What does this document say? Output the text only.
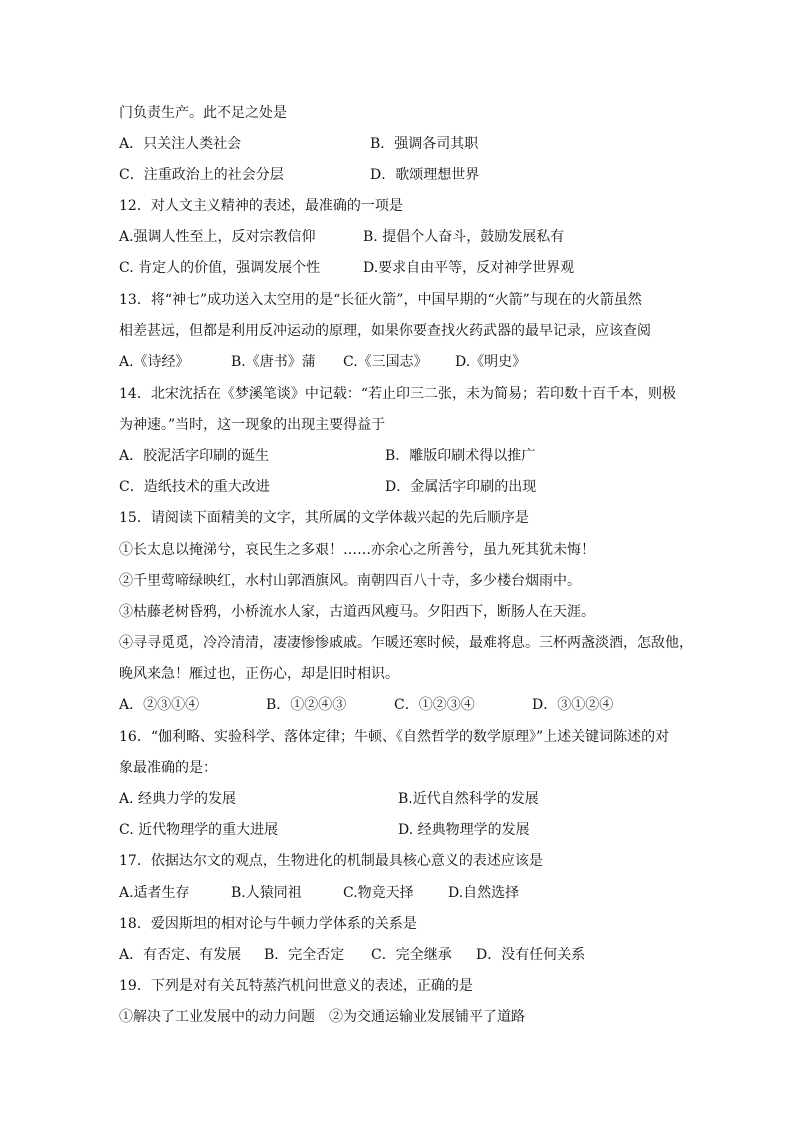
门负责生产。此不足之处是
A．只关注人类社会	B．强调各司其职
C．注重政治上的社会分层	D．歌颂理想世界
12．对人文主义精神的表述，最准确的一项是
A.强调人性至上，反对宗教信仰	B. 提倡个人奋斗，鼓励发展私有
C. 肯定人的价值，强调发展个性	D.要求自由平等，反对神学世界观
13．将“神七”成功送入太空用的是“长征火箭”，中国早期的“火箭”与现在的火箭虽然
相差甚远，但都是利用反冲运动的原理，如果你要查找火药武器的最早记录，应该查阅
A.《诗经》	B.《唐书》蒲 C.《三国志》 D.《明史》
14．北宋沈括在《梦溪笔谈》中记载：“若止印三二张，未为简易；若印数十百千本，则极
为神速。”当时，这一现象的出现主要得益于
A．胶泥活字印刷的诞生	B．雕版印刷术得以推广
C．造纸技术的重大改进	D．金属活字印刷的出现
15．请阅读下面精美的文字，其所属的文学体裁兴起的先后顺序是
①长太息以掩涕兮，哀民生之多艰！……亦余心之所善兮，虽九死其犹未悔！
②千里莺啼绿映红，水村山郭酒旗风。南朝四百八十寺，多少楼台烟雨中。
③枯藤老树昏鸦，小桥流水人家，古道西风瘦马。夕阳西下，断肠人在天涯。
④寻寻觅觅，冷冷清清，凄凄惨惨戚戚。乍暖还寒时候，最难将息。三杯两盏淡酒，怎敌他，
晚风来急！雁过也，正伤心，却是旧时相识。
A．②③①④	B．①②④③	C．①②③④	D．③①②④
16．“伽利略、实验科学、落体定律；牛顿、《自然哲学的数学原理》”上述关键词陈述的对
象最准确的是：
A. 经典力学的发展	B.近代自然科学的发展
C. 近代物理学的重大进展	D. 经典物理学的发展
17．依据达尔文的观点，生物进化的机制最具核心意义的表述应该是
A.适者生存	B.人猿同祖	C.物竞天择 D.自然选择
18．爱因斯坦的相对论与牛顿力学体系的关系是
A．有否定、有发展 B．完全否定 C．完全继承 D．没有任何关系
19．下列是对有关瓦特蒸汽机问世意义的表述，正确的是
①解决了工业发展中的动力问题　②为交通运输业发展铺平了道路
